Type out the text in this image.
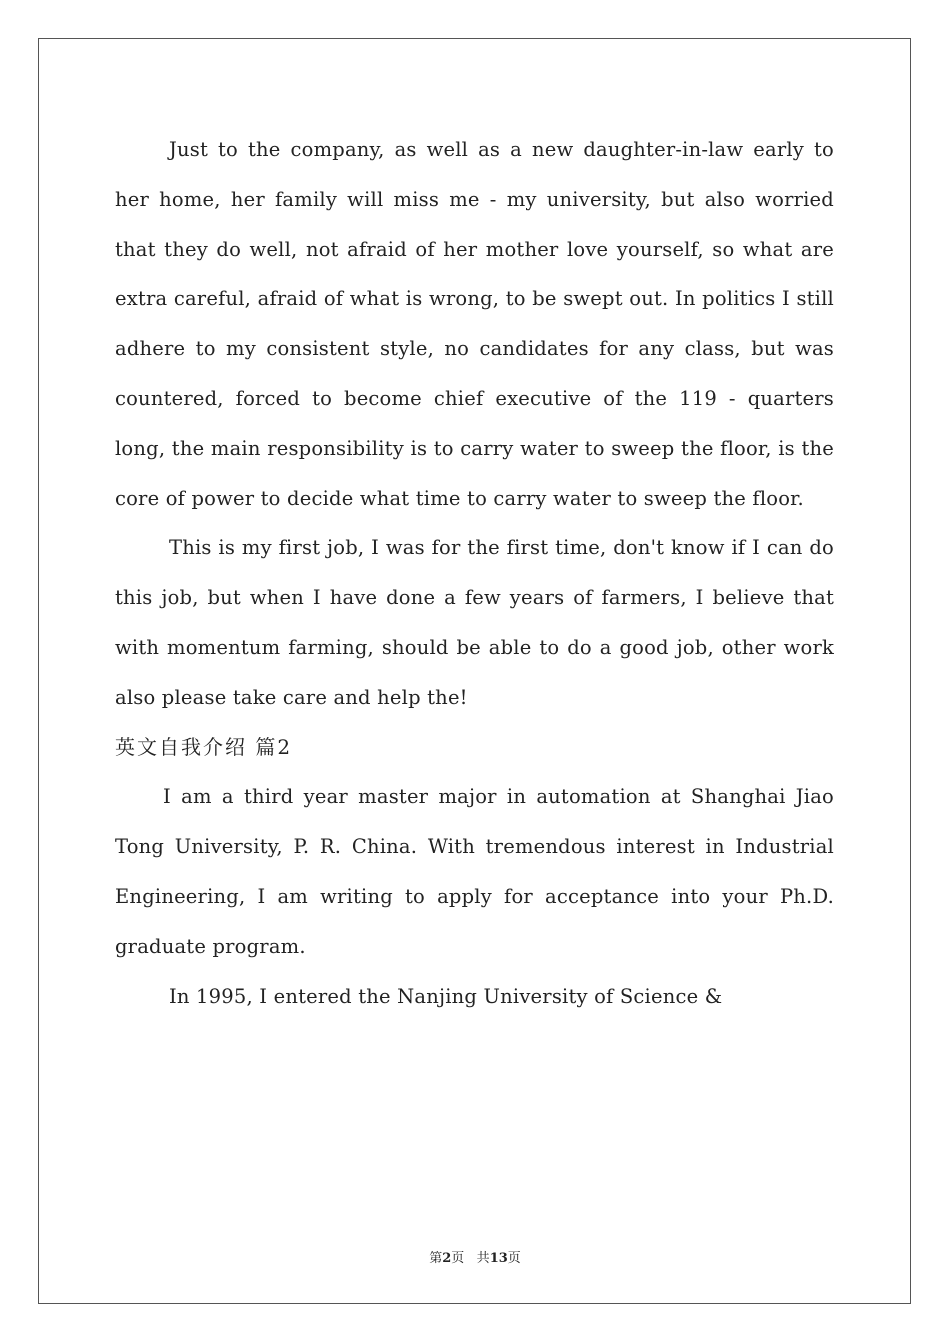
Just to the company, as well as a new daughter-in-law early to her home, her family will miss me - my university, but also worried that they do well, not afraid of her mother love yourself, so what are extra careful, afraid of what is wrong, to be swept out. In politics I still adhere to my consistent style, no candidates for any class, but was countered, forced to become chief executive of the 119 - quarters long, the main responsibility is to carry water to sweep the floor, is the core of power to decide what time to carry water to sweep the floor.

This is my first job, I was for the first time, don't know if I can do this job, but when I have done a few years of farmers, I believe that with momentum farming, should be able to do a good job, other work also please take care and help the!

英文自我介绍 篇2

I am a third year master major in automation at Shanghai Jiao Tong University, P. R. China. With tremendous interest in Industrial Engineering, I am writing to apply for acceptance into your Ph.D. graduate program.

In 1995, I entered the Nanjing University of Science &

第2页 共13页
